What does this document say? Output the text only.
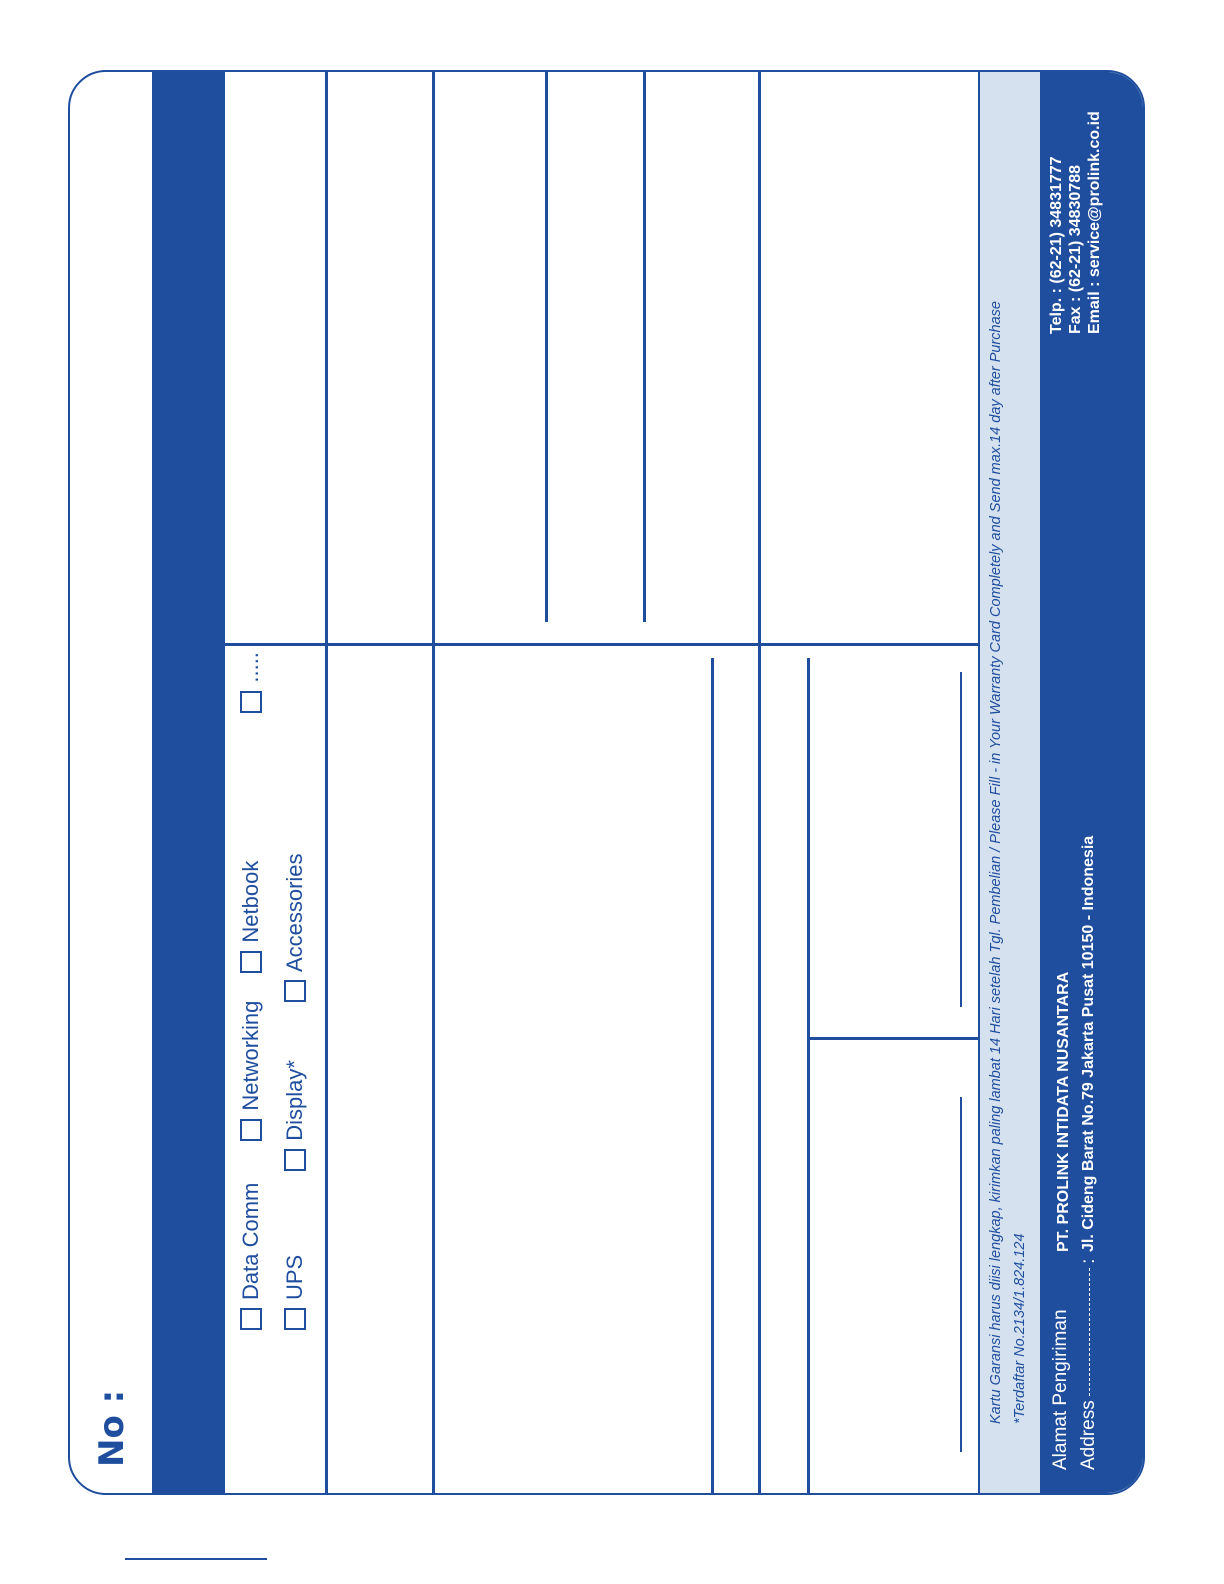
No :
Data Comm
Networking
Netbook
.....
UPS
Display*
Accessories	Kartu Garansi harus diisi lengkap, kirimkan paling lambat 14 Hari setelah Tgl. Pembelian / Please Fill - in Your Warranty Card Completely and Send max.14 day after Purchase *Terdaftar No.2134/1.824.124 Alamat Pengiriman Address :
PT. PROLINK INTIDATA NUSANTARA Jl. Cideng Barat No.79 Jakarta Pusat 10150 - Indonesia
Telp. : (62-21) 34831777 Fax : (62-21) 34830788 Email : service@prolink.co.id
